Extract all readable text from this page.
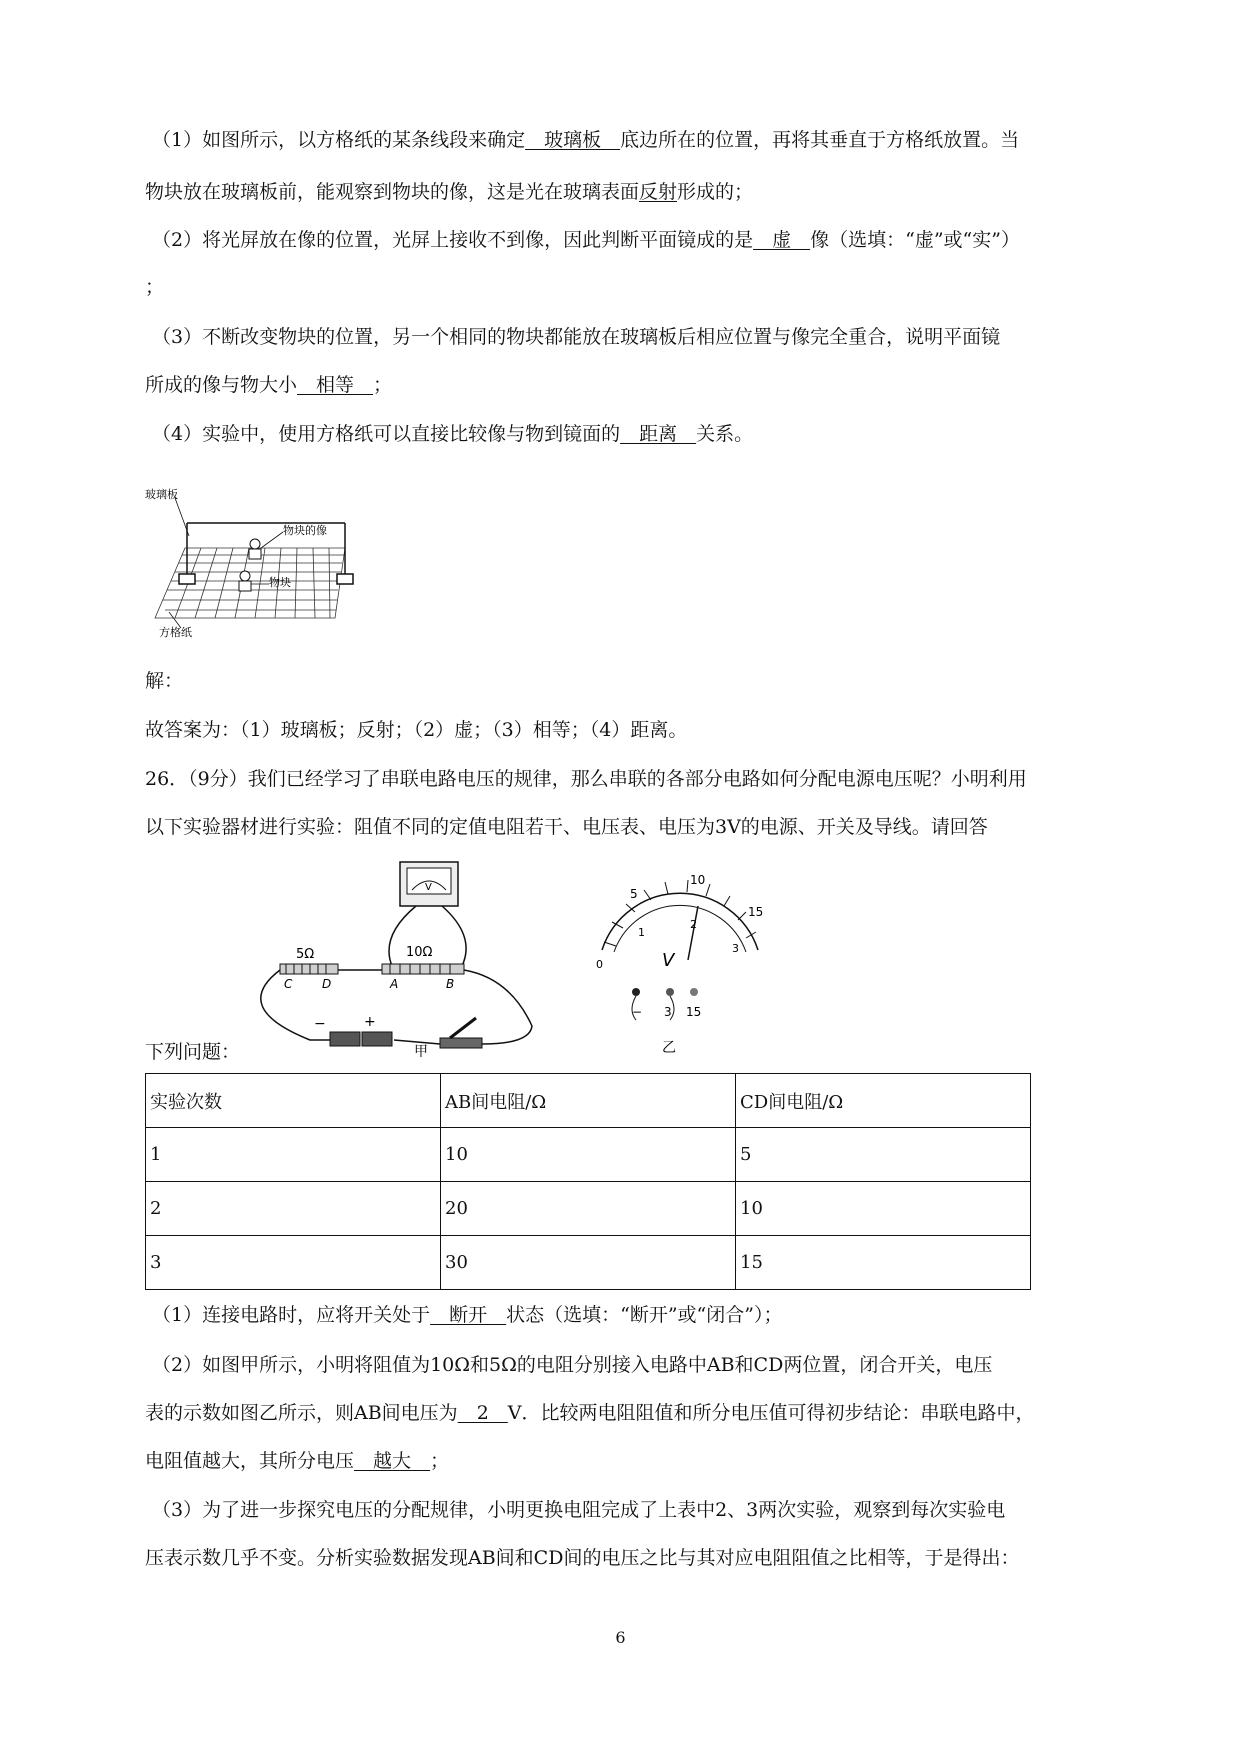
（1）如图所示，以方格纸的某条线段来确定　玻璃板　底边所在的位置，再将其垂直于方格纸放置。当
物块放在玻璃板前，能观察到物块的像，这是光在玻璃表面反射形成的；
（2）将光屏放在像的位置，光屏上接收不到像，因此判断平面镜成的是　虚　像（选填：“虚”或“实”）
；
（3）不断改变物块的位置，另一个相同的物块都能放在玻璃板后相应位置与像完全重合，说明平面镜
所成的像与物大小　相等　；
（4）实验中，使用方格纸可以直接比较像与物到镜面的　距离　关系。
玻璃板
物块的像
物块
方格纸
解：
故答案为：（1）玻璃板；反射；（2）虚；（3）相等；（4）距离。
26．（9分）我们已经学习了串联电路电压的规律，那么串联的各部分电路如何分配电源电压呢？小明利用
以下实验器材进行实验：阻值不同的定值电阻若干、电压表、电压为3V的电源、开关及导线。请回答
V
5Ω	10Ω
C D	A	B
−	+
甲
5
10
15
0
1
2
3
V
− 3 15
乙
下列问题：
实验次数	AB间电阻/Ω	CD间电阻/Ω
1	10	5
2	20	10
3	30	15
（1）连接电路时，应将开关处于　断开　状态（选填：“断开”或“闭合”）；
（2）如图甲所示，小明将阻值为10Ω和5Ω的电阻分别接入电路中AB和CD两位置，闭合开关，电压
表的示数如图乙所示，则AB间电压为　2　V．比较两电阻阻值和所分电压值可得初步结论：串联电路中，
电阻值越大，其所分电压　越大　；
（3）为了进一步探究电压的分配规律，小明更换电阻完成了上表中2、3两次实验，观察到每次实验电
压表示数几乎不变。分析实验数据发现AB间和CD间的电压之比与其对应电阻阻值之比相等，于是得出：
6
